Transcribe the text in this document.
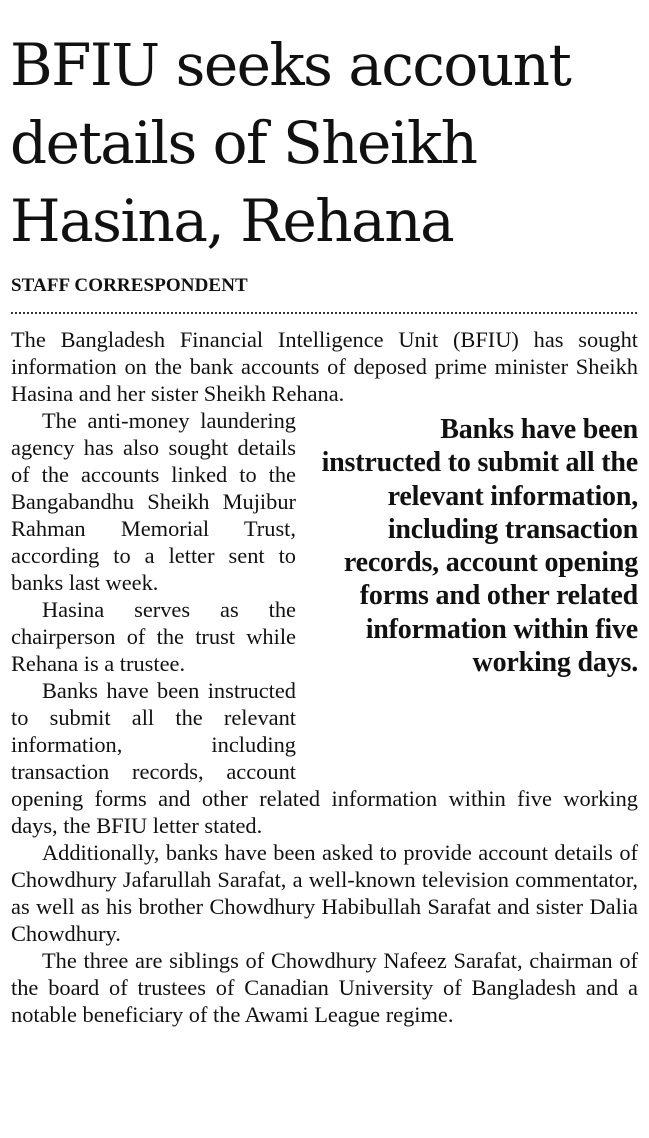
BFIU seeks account details of Sheikh Hasina, Rehana
STAFF CORRESPONDENT

The Bangladesh Financial Intelligence Unit (BFIU) has sought information on the bank accounts of deposed prime minister Sheikh Hasina and her sister Sheikh Rehana.

Banks have been instructed to submit all the relevant information, including transaction records, account opening forms and other related information within five working days.

The anti-money laundering agency has also sought details of the accounts linked to the Bangabandhu Sheikh Mujibur Rahman Memorial Trust, according to a letter sent to banks last week.

Hasina serves as the chairperson of the trust while Rehana is a trustee.

Banks have been instructed to submit all the relevant information, including transaction records, account opening forms and other related information within five working days, the BFIU letter stated.

Additionally, banks have been asked to provide account details of Chowdhury Jafarullah Sarafat, a well-known television commentator, as well as his brother Chowdhury Habibullah Sarafat and sister Dalia Chowdhury.

The three are siblings of Chowdhury Nafeez Sarafat, chairman of the board of trustees of Canadian University of Bangladesh and a notable beneficiary of the Awami League regime.
